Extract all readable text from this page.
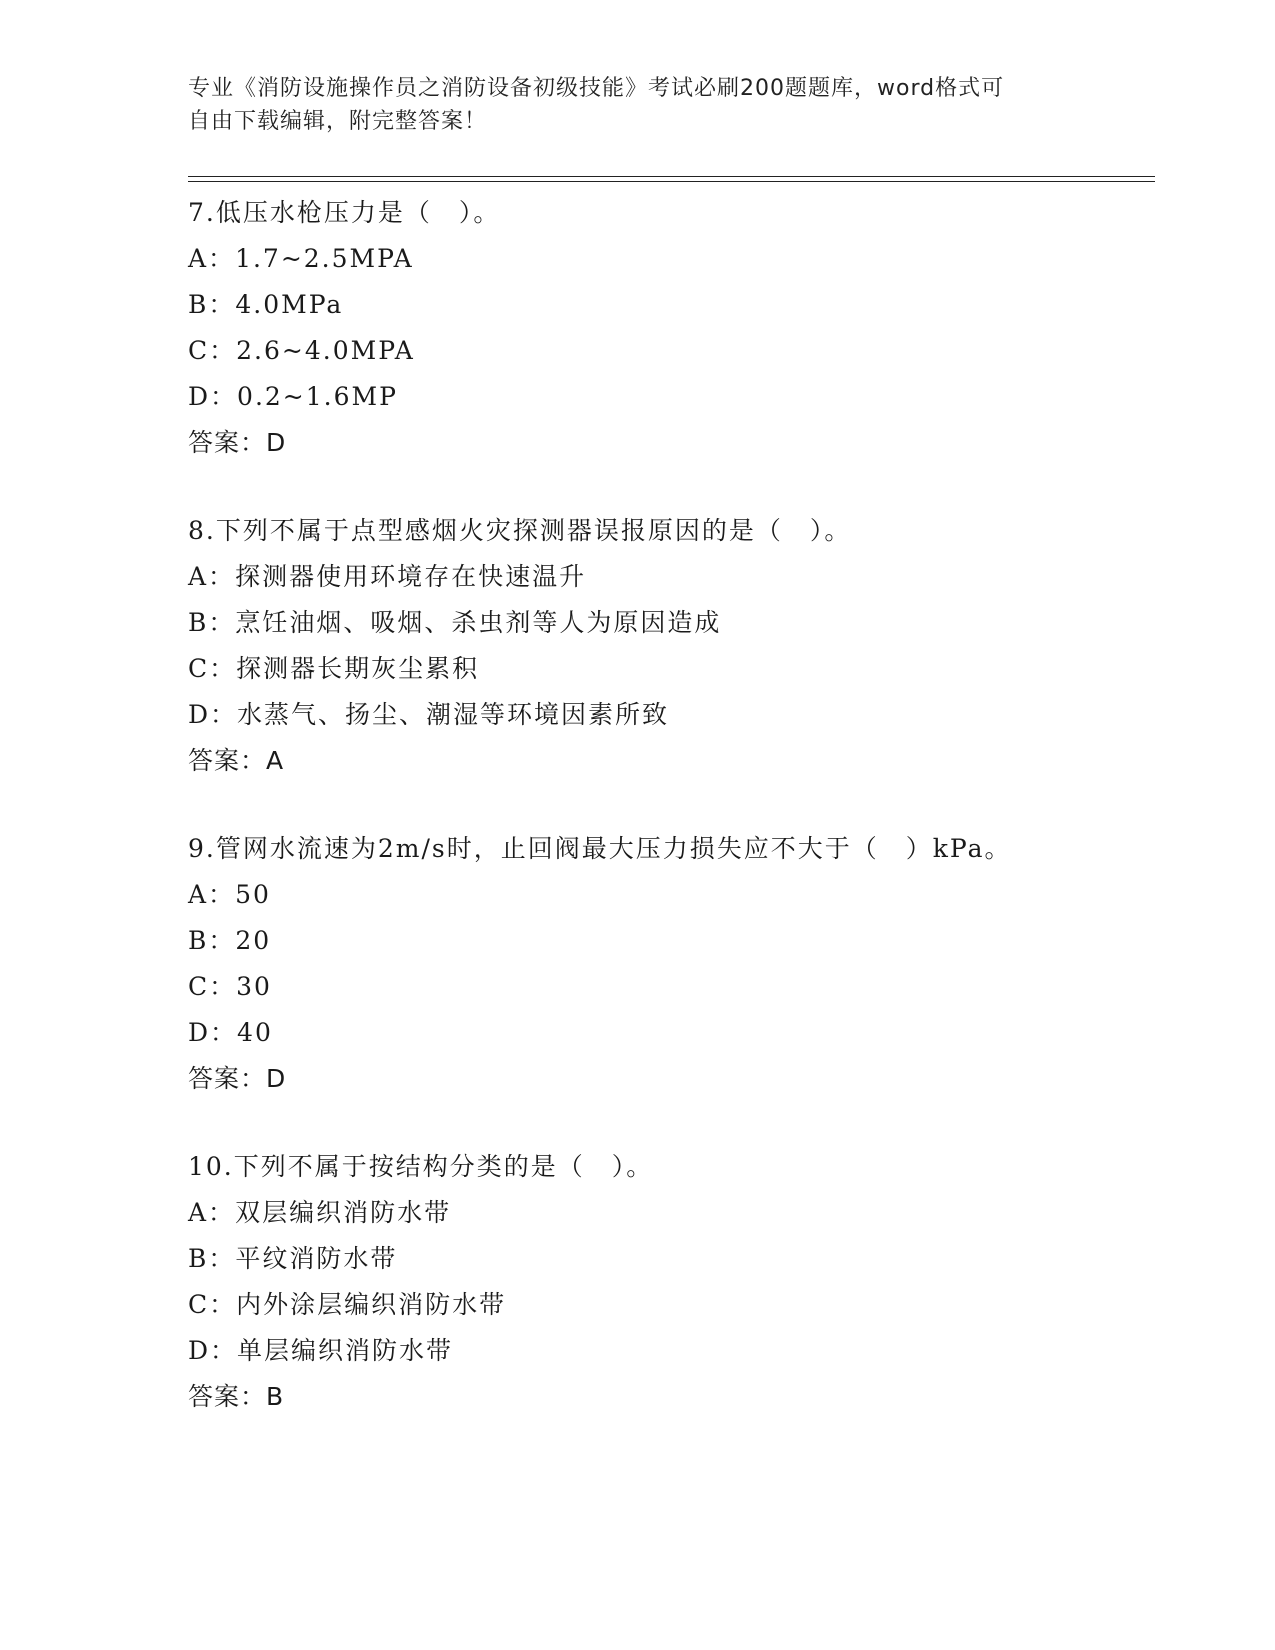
专业《消防设施操作员之消防设备初级技能》考试必刷200题题库，word格式可
自由下载编辑，附完整答案！
7.低压水枪压力是（　）。
A：1.7~2.5MPA
B：4.0MPa
C：2.6~4.0MPA
D：0.2~1.6MP
答案：D
8.下列不属于点型感烟火灾探测器误报原因的是（　）。
A：探测器使用环境存在快速温升
B：烹饪油烟、吸烟、杀虫剂等人为原因造成
C：探测器长期灰尘累积
D：水蒸气、扬尘、潮湿等环境因素所致
答案：A
9.管网水流速为2m/s时，止回阀最大压力损失应不大于（　）kPa。
A：50
B：20
C：30
D：40
答案：D
10.下列不属于按结构分类的是（　）。
A：双层编织消防水带
B：平纹消防水带
C：内外涂层编织消防水带
D：单层编织消防水带
答案：B
